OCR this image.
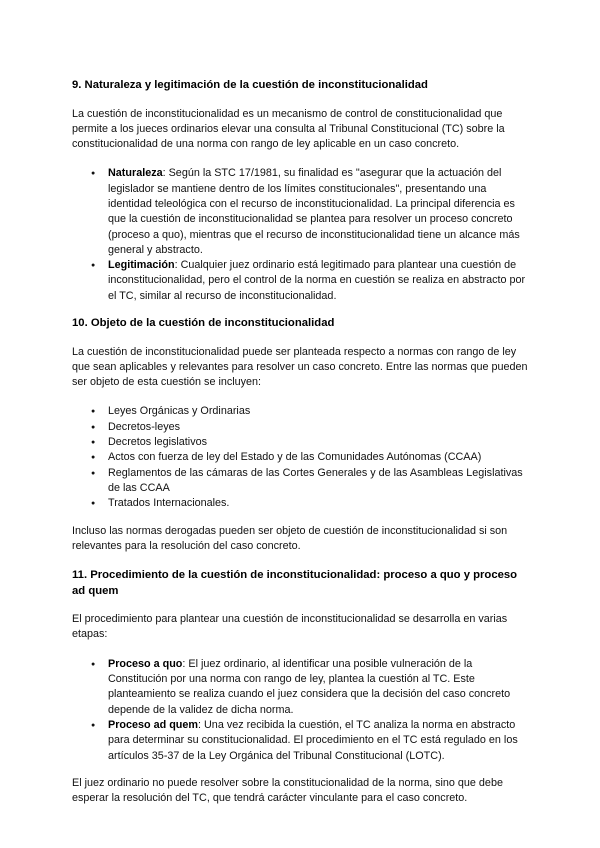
9. Naturaleza y legitimación de la cuestión de inconstitucionalidad

La cuestión de inconstitucionalidad es un mecanismo de control de constitucionalidad que permite a los jueces ordinarios elevar una consulta al Tribunal Constitucional (TC) sobre la constitucionalidad de una norma con rango de ley aplicable en un caso concreto.

● Naturaleza: Según la STC 17/1981, su finalidad es "asegurar que la actuación del legislador se mantiene dentro de los límites constitucionales", presentando una identidad teleológica con el recurso de inconstitucionalidad. La principal diferencia es que la cuestión de inconstitucionalidad se plantea para resolver un proceso concreto (proceso a quo), mientras que el recurso de inconstitucionalidad tiene un alcance más general y abstracto.
● Legitimación: Cualquier juez ordinario está legitimado para plantear una cuestión de inconstitucionalidad, pero el control de la norma en cuestión se realiza en abstracto por el TC, similar al recurso de inconstitucionalidad.
10. Objeto de la cuestión de inconstitucionalidad

La cuestión de inconstitucionalidad puede ser planteada respecto a normas con rango de ley que sean aplicables y relevantes para resolver un caso concreto. Entre las normas que pueden ser objeto de esta cuestión se incluyen:

● Leyes Orgánicas y Ordinarias
● Decretos-leyes
● Decretos legislativos
● Actos con fuerza de ley del Estado y de las Comunidades Autónomas (CCAA)
● Reglamentos de las cámaras de las Cortes Generales y de las Asambleas Legislativas de las CCAA
● Tratados Internacionales.

Incluso las normas derogadas pueden ser objeto de cuestión de inconstitucionalidad si son relevantes para la resolución del caso concreto.

11. Procedimiento de la cuestión de inconstitucionalidad: proceso a quo y proceso ad quem

El procedimiento para plantear una cuestión de inconstitucionalidad se desarrolla en varias etapas:

● Proceso a quo: El juez ordinario, al identificar una posible vulneración de la Constitución por una norma con rango de ley, plantea la cuestión al TC. Este planteamiento se realiza cuando el juez considera que la decisión del caso concreto depende de la validez de dicha norma.
● Proceso ad quem: Una vez recibida la cuestión, el TC analiza la norma en abstracto para determinar su constitucionalidad. El procedimiento en el TC está regulado en los artículos 35-37 de la Ley Orgánica del Tribunal Constitucional (LOTC).

El juez ordinario no puede resolver sobre la constitucionalidad de la norma, sino que debe esperar la resolución del TC, que tendrá carácter vinculante para el caso concreto.
